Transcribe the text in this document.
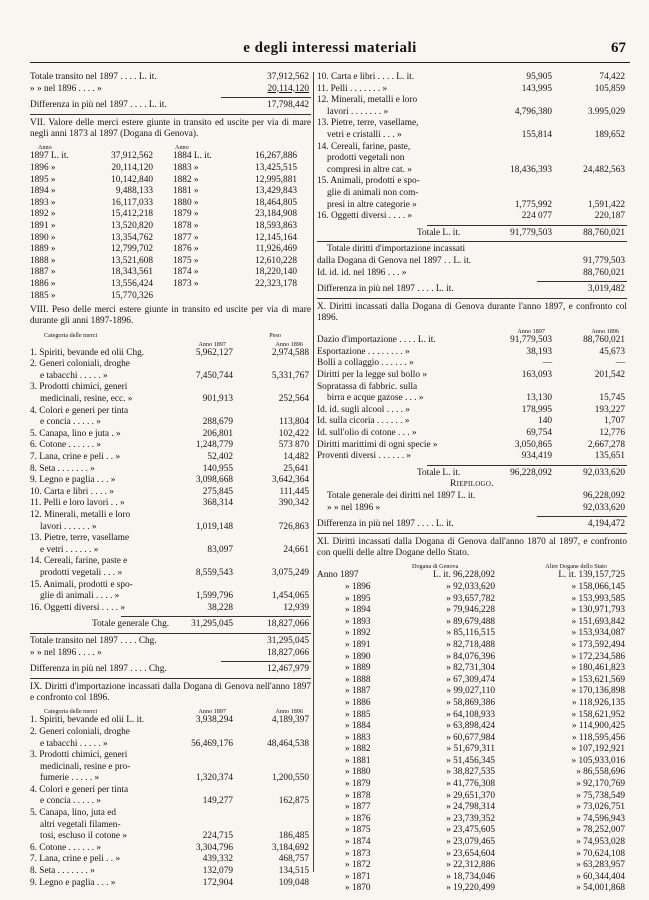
e degli interessi materiali	67
Totale transito nel 1897 . . . . L. it.	37,912,562
» » nel 1896 . . . . »	20,114,120
Differenza in più nel 1897 . . . . L. it.	17,798,442
VII. Valore delle merci estere giunte in transito ed uscite per via di mare negli anni 1873 al 1897 (Dogana di Genova).
Anno	Anno
1897 L. it.	37,912,562 1884 L. it.	16,267,886
1896 »	20,114,120 1883 »	13,425,515
1895 »	10,142,840 1882 »	12,995,881
1894 »	9,488,133 1881 »	13,429,843
1893 »	16,117,033 1880 »	18,464,805
1892 »	15,412,218 1879 »	23,184,908
1891 »	13,520,820 1878 »	18,593,863
1890 »	13,354,762 1877 »	12,145,164
1889 »	12,799,702 1876 »	11,926,469
1888 »	13,521,608 1875 »	12,610,228
1887 »	18,343,561 1874 »	18,220,140
1886 »	13,556,424 1873 »	22,323,178
1885 »	15,770,326
VIII. Peso delle merci estere giunte in transito ed uscite per via di mare durante gli anni 1897-1896.
Categoria delle merci	Peso
Anno 1897	Anno 1896
1. Spiriti, bevande ed olii Chg.	5,962,127	2,974,588
2. Generi coloniali, droghe
e tabacchi . . . . . »	7,450,744	5,331,767
3. Prodotti chimici, generi
medicinali, resine, ecc. »	901,913	252,564
4. Colori e generi per tinta
e concia . . . . . »	288,679	113,804
5. Canapa, lino e juta . »	206,801	102,422
6. Cotone . . . . . . »	1,248,779	573 870
7. Lana, crine e peli . . »	52,402	14,482
8. Seta . . . . . . . »	140,955	25,641
9. Legno e paglia . . . »	3,098,668	3,642,364
10. Carta e libri . . . . »	275,845	111,445
11. Pelli e loro lavori . . »	368,314	390,342
12. Minerali, metalli e loro
lavori . . . . . . »	1,019,148	726,863
13. Pietre, terre, vasellame
e vetri . . . . . . »	83,097	24,661
14. Cereali, farine, paste e
prodotti vegetali . . . »	8,559,543	3,075,249
15. Animali, prodotti e spo-
glie di animali . . . . »	1,599,796	1,454,065
16. Oggetti diversi . . . . »	38,228	12,939
Totale generale Chg. 31,295,045	18,827,066
Totale transito nel 1897 . . . . Chg.	31,295,045
» » nel 1896 . . . . »	18,827,066
Differenza in più nel 1897 . . . . Chg.	12,467,979
IX. Diritti d'importazione incassati dalla Dogana di Genova nell'anno 1897 e confronto col 1896.
Categoria delle merci	Anno 1897	Anno 1896
1. Spiriti, bevande ed olii L. it.	3,938,294	4,189,397
2. Generi coloniali, droghe
e tabacchi . . . . . »	56,469,176	48,464,538
3. Prodotti chimici, generi
medicinali, resine e pro-
fumerie . . . . . »	1,320,374	1,200,550
4. Colori e generi per tinta
e concia . . . . . »	149,277	162,875
5. Canapa, lino, juta ed
altri vegetali filamen-
tosi, escluso il cotone »	224,715	186,485
6. Cotone . . . . . . »	3,304,796	3,184,692
7. Lana, crine e peli . . »	439,332	468,757
8. Seta . . . . . . . »	132,079	134,515
9. Legno e paglia . . . »	172,904	109,048
10. Carta e libri . . . . L. it.	95,905	74,422
11. Pelli . . . . . . . »	143,995	105,859
12. Minerali, metalli e loro
lavori . . . . . . . »	4,796,380	3.995,029
13. Pietre, terre, vasellame,
vetri e cristalli . . . »	155,814	189,652
14. Cereali, farine, paste,
prodotti vegetali non
compresi in altre cat. »	18,436,393	24,482,563
15. Animali, prodotti e spo-
glie di animali non com-
presi in altre categorie »	1,775,992	1,591,422
16. Oggetti diversi . . . . »	224 077	220,187
Totale L. it.	91,779,503	88,760,021
Totale diritti d'importazione incassati
dalla Dogana di Genova nel 1897 . . L. it.	91,779,503
Id. id. id. nel 1896 . . . »	88,760,021
Differenza in più nel 1897 . . . . L. it.	3,019,482
X. Diritti incassati dalla Dogana di Genova durante l'anno 1897, e confronto col 1896.
Anno 1897	Anno 1896
Dazio d'importazione . . . . L. it.	91,779,503	88,760,021
Esportazione . . . . . . . . »	38,193	45,673
Bolli a collaggio . . . . . . »	—	—
Diritti per la legge sul bollo »	163,093	201,542
Sopratassa di fabbric. sulla
birra e acque gazose . . . »	13,130	15,745
Id. id. sugli alcool . . . . »	178,995	193,227
Id. sulla cicoria . . . . . . »	140	1,707
Id. sull'olio di cotone . . . »	69,754	12,776
Diritti marittimi di ogni specie »	3,050,865	2,667,278
Proventi diversi . . . . . . »	934,419	135,651
Totale L. it.	96,228,092	92,033,620
Riepilogo.
Totale generale dei diritti nel 1897 L. it.	96,228,092
» » nel 1896 »	92,033,620
Differenza in più nel 1897 . . . . L. it.	4,194,472
XI. Diritti incassati dalla Dogana di Genova dall'anno 1870 al 1897, e confronto con quelli delle altre Dogane dello Stato.
Dogana di Genova	Altre Dogane dello Stato
Anno 1897	L. it. 96,228,092	L. it. 139,157,725
» 1896	» 92,033,620	» 158,066,145
» 1895	» 93,657,782	» 153,993,585
» 1894	» 79,946,228	» 130,971,793
» 1893	» 89,679,488	» 151,693,842
» 1892	» 85,116,515	» 153,934,087
» 1891	» 82,718,488	» 173,592,494
» 1890	» 84,076,396	» 172,234,586
» 1889	» 82,731,304	» 180,461,823
» 1888	» 67,309,474	» 153,621,569
» 1887	» 99,027,110	» 170,136,898
» 1886	» 58,869,386	» 118,926,135
» 1885	» 64,108,933	» 158,621,952
» 1884	» 63,898,424	» 114,900,425
» 1883	» 60,677,984	» 118,595,456
» 1882	» 51,679,311	» 107,192,921
» 1881	» 51,456,345	» 105,933,016
» 1880	» 38,827,535	» 86,558,696
» 1879	» 41,776,308	» 92,170,769
» 1878	» 29,651,370	» 75,738,549
» 1877	» 24,798,314	» 73,026,751
» 1876	» 23,739,352	» 74,596,943
» 1875	» 23,475,605	» 78,252,007
» 1874	» 23,079,465	» 74,953,028
» 1873	» 23,654,604	» 70,624,108
» 1872	» 22,312,886	» 63,283,957
» 1871	» 18,734,046	» 60,344,404
» 1870	» 19,220,499	» 54,001,868
